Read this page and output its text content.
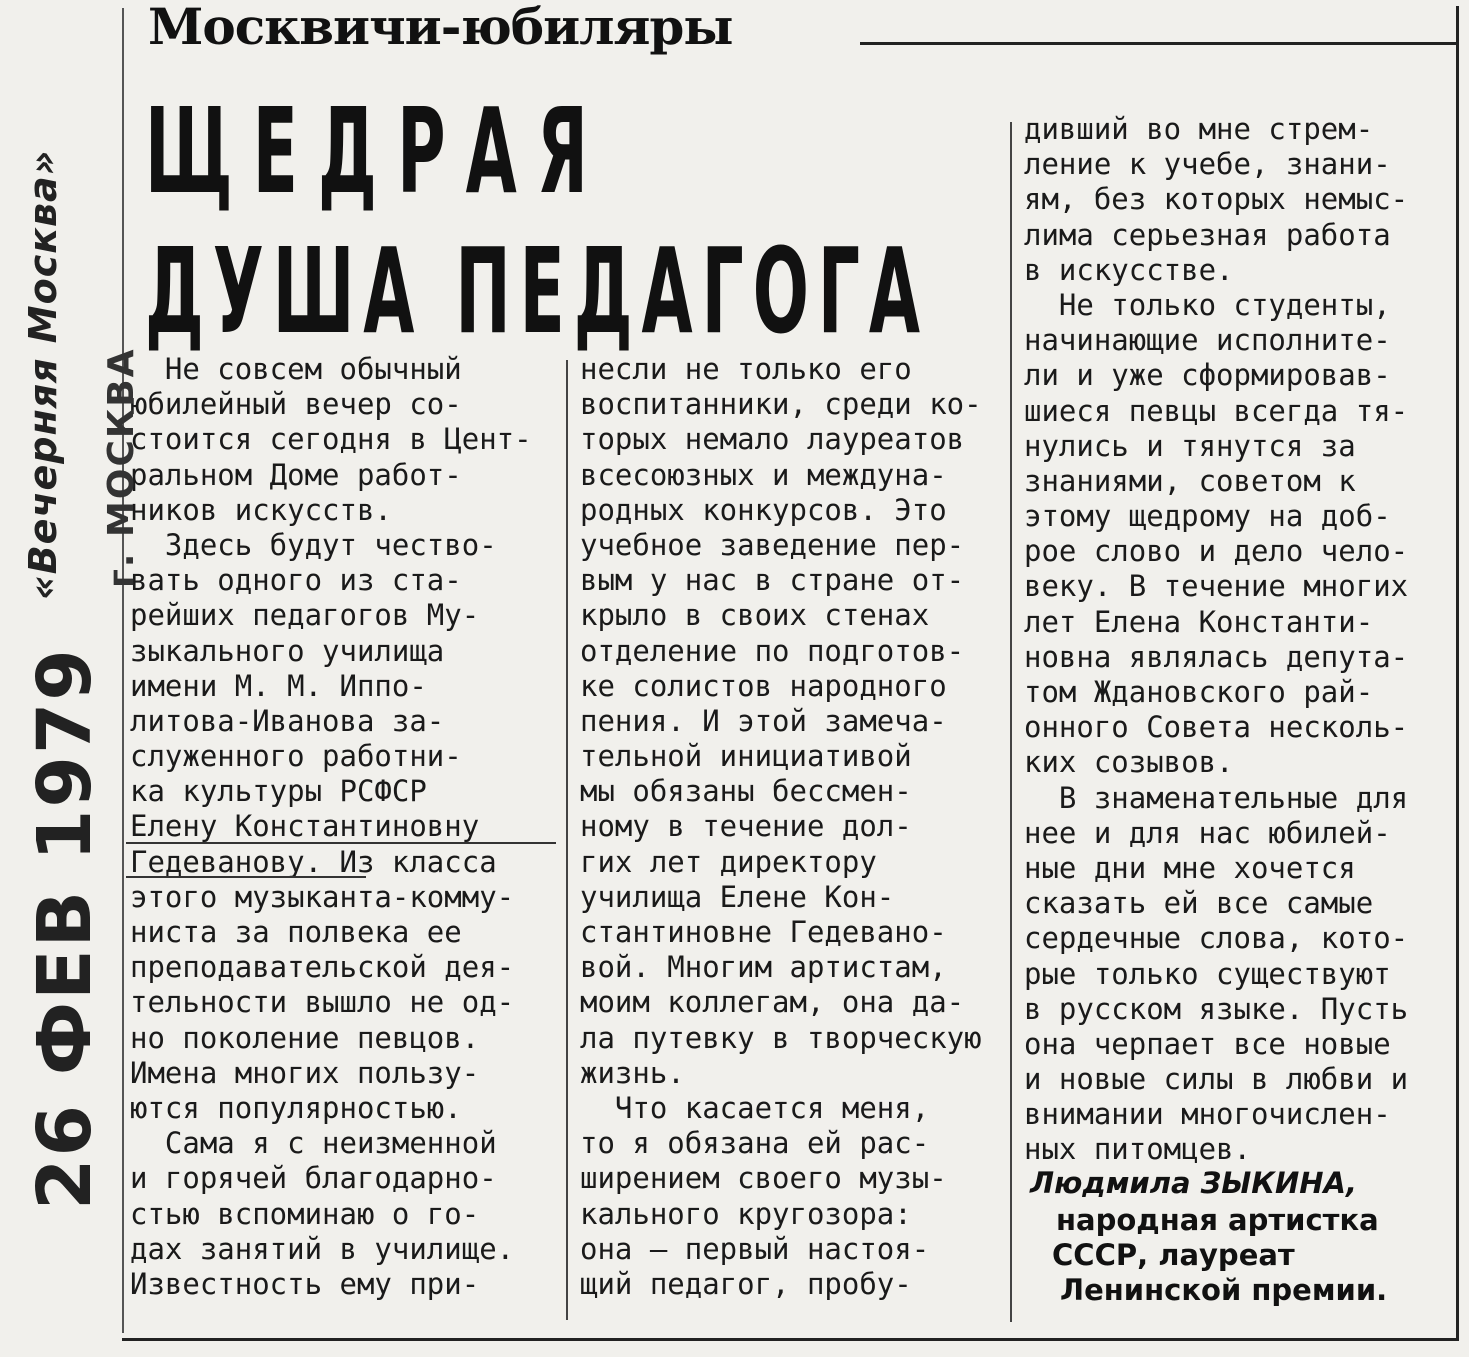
Москвичи-юбиляры
ЩЕДРАЯ
ДУША ПЕДАГОГА
Не совсем обычный
юбилейный вечер со-
стоится сегодня в Цент-
ральном Доме работ-
ников искусств.
Здесь будут чество-
вать одного из ста-
рейших педагогов Му-
зыкального училища
имени М. М. Иппо-
литова-Иванова за-
служенного работни-
ка культуры РСФСР
Елену Константиновну
Гедеванову. Из класса
этого музыканта-комму-
ниста за полвека ее
преподавательской дея-
тельности вышло не од-
но поколение певцов.
Имена многих пользу-
ются популярностью.
Сама я с неизменной
и горячей благодарно-
стью вспоминаю о го-
дах занятий в училище.
Известность ему при-
несли не только его
воспитанники, среди ко-
торых немало лауреатов
всесоюзных и междуна-
родных конкурсов. Это
учебное заведение пер-
вым у нас в стране от-
крыло в своих стенах
отделение по подготов-
ке солистов народного
пения. И этой замеча-
тельной инициативой
мы обязаны бессмен-
ному в течение дол-
гих лет директору
училища Елене Кон-
стантиновне Гедевано-
вой. Многим артистам,
моим коллегам, она да-
ла путевку в творческую
жизнь.
Что касается меня,
то я обязана ей рас-
ширением своего музы-
кального кругозора:
она — первый настоя-
щий педагог, пробу-
дивший во мне стрем-
ление к учебе, знани-
ям, без которых немыс-
лима серьезная работа
в искусстве.
Не только студенты,
начинающие исполните-
ли и уже сформировав-
шиеся певцы всегда тя-
нулись и тянутся за
знаниями, советом к
этому щедрому на доб-
рое слово и дело чело-
веку. В течение многих
лет Елена Константи-
новна являлась депута-
том Ждановского рай-
онного Совета несколь-
ких созывов.
В знаменательные для
нее и для нас юбилей-
ные дни мне хочется
сказать ей все самые
сердечные слова, кото-
рые только существуют
в русском языке. Пусть
она черпает все новые
и новые силы в любви и
внимании многочислен-
ных питомцев.
Людмила ЗЫКИНА,
народная артистка
СССР, лауреат
Ленинской премии.
26 ФЕВ 1979
«Вечерняя Москва» г. МОСКВА
